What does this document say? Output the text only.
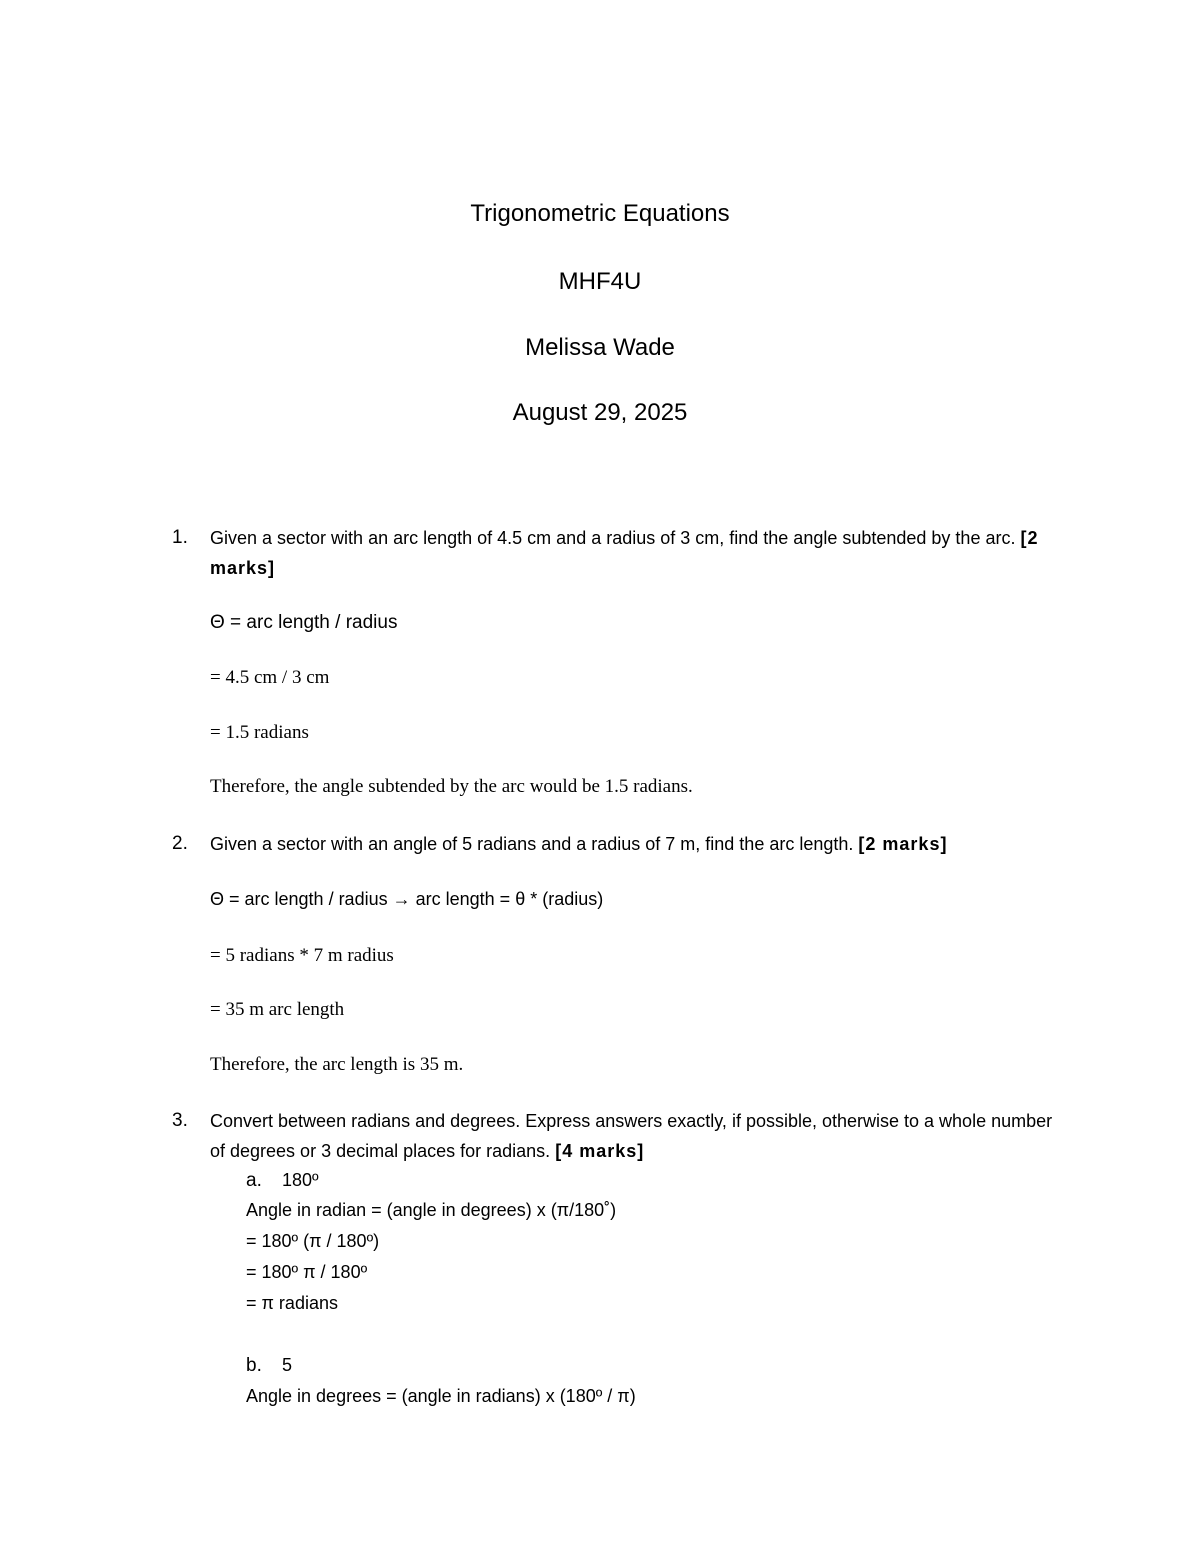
Trigonometric Equations
MHF4U
Melissa Wade
August 29, 2025
1. Given a sector with an arc length of 4.5 cm and a radius of 3 cm, find the angle subtended by the arc. [2 marks]
Θ = arc length / radius
= 4.5 cm / 3 cm
= 1.5 radians
Therefore, the angle subtended by the arc would be 1.5 radians.
2. Given a sector with an angle of 5 radians and a radius of 7 m, find the arc length. [2 marks]
Θ = arc length / radius → arc length = θ * (radius)
= 5 radians * 7 m radius
= 35 m arc length
Therefore, the arc length is 35 m.
3. Convert between radians and degrees. Express answers exactly, if possible, otherwise to a whole number of degrees or 3 decimal places for radians. [4 marks]
a. 180º
Angle in radian = (angle in degrees) x (π/180˚)
= 180º (π / 180º)
= 180º π / 180º
= π radians
b. 5
Angle in degrees = (angle in radians) x (180º / π)
